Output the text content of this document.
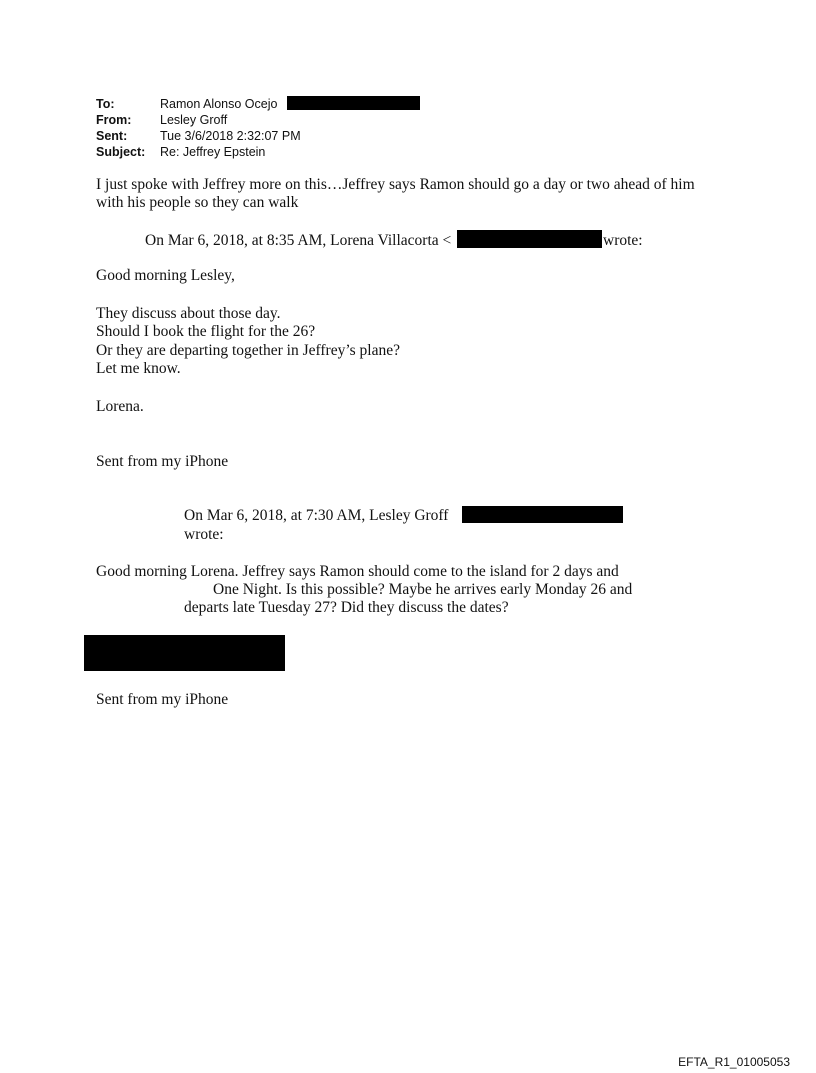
To:	Ramon Alonso Ocejo
From: Lesley Groff
Sent:	Tue 3/6/2018 2:32:07 PM
Subject: Re: Jeffrey Epstein
I just spoke with Jeffrey more on this…Jeffrey says Ramon should go a day or two ahead of him
with his people so they can walk
On Mar 6, 2018, at 8:35 AM, Lorena Villacorta <	wrote:
Good morning Lesley,
They discuss about those day.
Should I book the flight for the 26?
Or they are departing together in Jeffrey’s plane?
Let me know.
Lorena.
Sent from my iPhone
On Mar 6, 2018, at 7:30 AM, Lesley Groff
wrote:
Good morning Lorena. Jeffrey says Ramon should come to the island for 2 days and
One Night. Is this possible? Maybe he arrives early Monday 26 and
departs late Tuesday 27? Did they discuss the dates?
Sent from my iPhone
EFTA_R1_01005053
